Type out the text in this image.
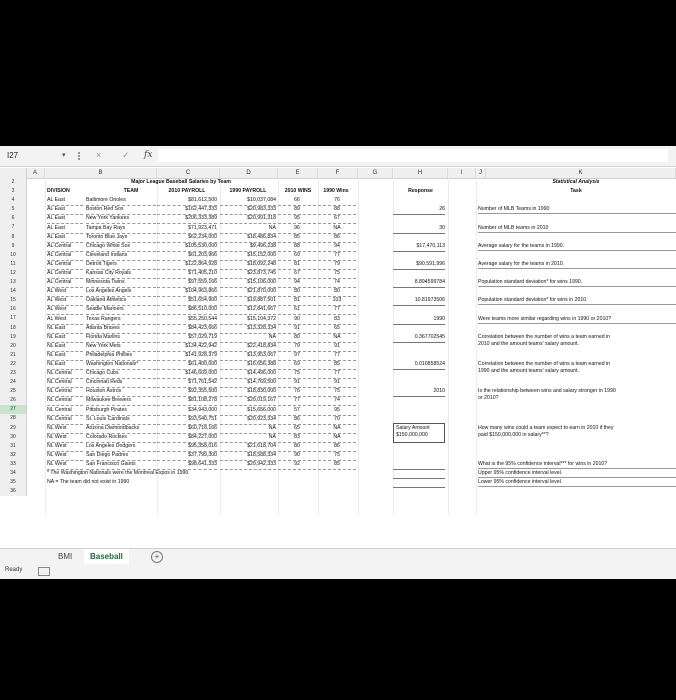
I27	▾	× ✓ fx
A	B	C	D	E	F	G	H	I	J	K
2
3
4
5
6
7
8
9
10
11
12
13
14
15
16
17
18
19
20
21
22
23
24
25
26
27
28
29
30
31
32
33
34
35
36
Major League Baseball Salaries by Team	Statistical Analysis
DIVISION	TEAM	2010 PAYROLL	1990 PAYROLL	2010 WINS	1990 Wins	Response	Task
AL East	Baltimore Orioles	$81,612,500	$10,037,084	66	76
AL East	Boston Red Sox	$162,447,333	$20,983,333	89	88
AL East	New York Yankees	$206,333,389	$20,991,318	95	67
AL East	Tampa Bay Rays	$71,923,471	NA	96	NA
AL East	Toronto Blue Jays	$62,234,000	$18,486,834	85	86
AL Central	Chicago White Sox	$105,530,000	$9,496,238	88	94
AL Central	Cleveland Indians	$61,203,966	$15,152,000	69	77
AL Central	Detroit Tigers	$122,864,928	$18,092,248	81	79
AL Central	Kansas City Royals	$71,405,210	$23,873,745	67	75
AL Central	Minnesota Twins	$97,559,166	$15,106,000	94	74
AL West	Los Angeles Angels	$104,963,866	$21,870,000	80	80
AL West	Oakland Athletics	$51,654,900	$19,887,501	81	103
AL West	Seattle Mariners	$86,510,000	$12,841,667	61	77
AL West	Texas Rangers	$55,250,544	$15,104,372	90	83
NL East	Atlanta Braves	$84,423,666	$13,328,334	91	65
NL East	Florida Marlins	$57,029,719	NA	80	NA
NL East	New York Mets	$134,422,942	$22,418,834	79	91
NL East	Philadelphia Phillies	$141,928,379	$13,953,067	97	77
NL East	Washington Nationals*	$61,400,000	$16,656,388	69	85
NL Central	Chicago Cubs	$146,609,000	$14,496,000	75	77
NL Central	Cincinnati Reds	$71,761,542	$14,769,500	91	91
NL Central	Houston Astros	$92,355,500	$18,830,000	76	75
NL Central	Milwaukee Brewers	$81,108,278	$20,019,167	77	74
NL Central	Pittsburgh Pirates	$34,943,000	$15,656,000	57	95
NL Central	St. Louis Cardinals	$93,540,751	$20,923,334	86	70
NL West	Arizona Diamondbacks	$60,718,166	NA	65	NA
NL West	Colorado Rockies	$84,227,000	NA	83	NA
NL West	Los Angeles Dodgers	$95,358,016	$21,618,704	80	86
NL West	San Diego Padres	$37,799,300	$18,588,334	90	75
NL West	San Francisco Giants	$98,641,333	$20,942,333	92	85
* The Washington Nationals were the Montreal Expos in 1990
NA = The team did not exist in 1990
26	Number of MLB Teams in 1990
30	Number of MLB teams in 2010
$17,470,113	Average salary for the teams in 1990.
$90,591,996	Average salary for the teams in 2010.
8.894599784	Population standard deviation* for wins 1990.
10.81973506	Population standard deviation* for wins in 2010.
1990	Were teams more similar regarding wins in 1990 or 2010?
0.367702545	Correlation between the number of wins a team earned in
2010 and the amount teams' salary amount.
0.010858524	Correlation between the number of wins a team earned in
1990 and the amount teams' salary amount.
2010	Is the relationship between wins and salary stronger in 1990
or 2010?
Salary Amount
$150,000,000
How many wins could a team expect to earn in 2010 if they
paid $150,000,000 in salary**?
What is the 95% confidence interval*** for wins in 2010?
Upper 95% confidence interval level.
Lower 95% confidence interval level.
BMI	Baseball	+
Ready
